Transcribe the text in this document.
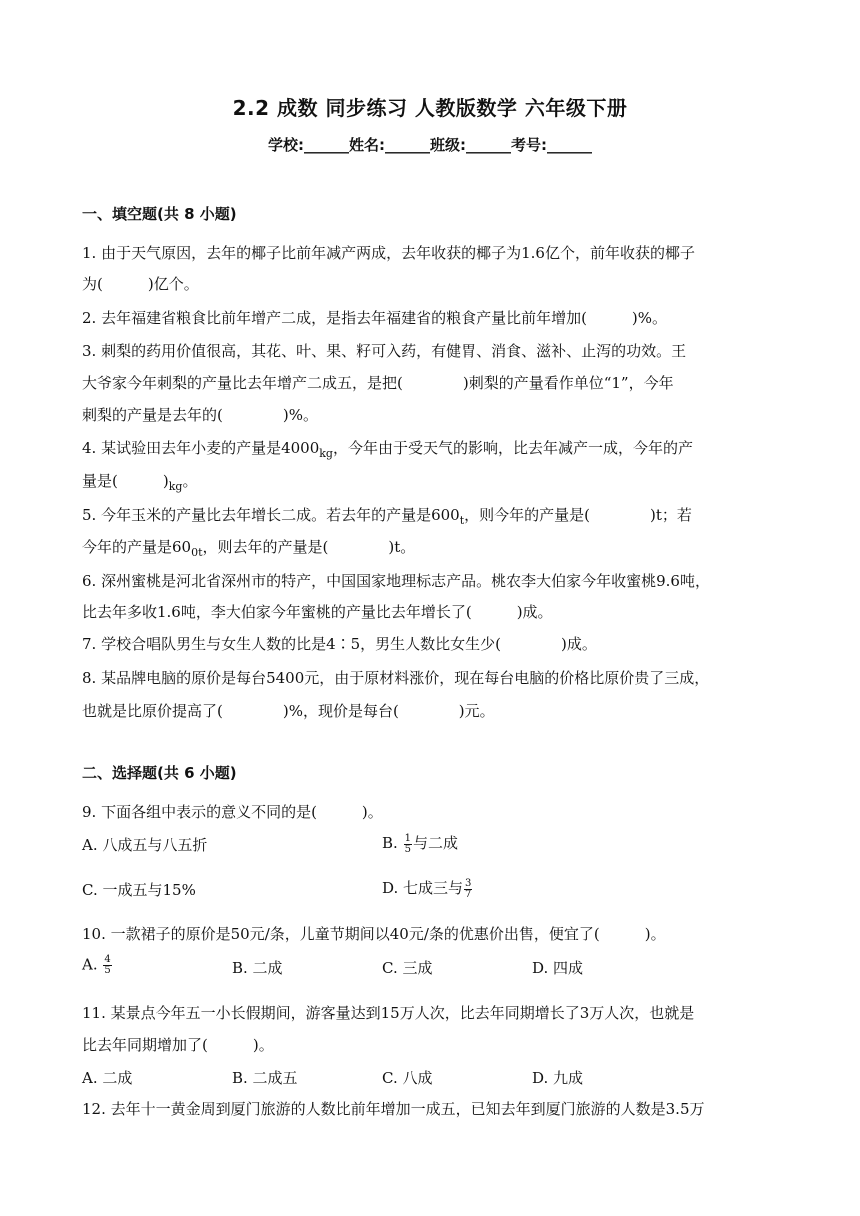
2.2 成数 同步练习 人教版数学 六年级下册
学校:______姓名:______班级:______考号:______
一、填空题(共 8 小题)
1. 由于天气原因，去年的椰子比前年减产两成，去年收获的椰子为1.6亿个，前年收获的椰子
为(　　　)亿个。
2. 去年福建省粮食比前年增产二成，是指去年福建省的粮食产量比前年增加(　　　)%。
3. 刺梨的药用价值很高，其花、叶、果、籽可入药，有健胃、消食、滋补、止泻的功效。王
大爷家今年刺梨的产量比去年增产二成五，是把(　　　　)刺梨的产量看作单位“1”，今年
刺梨的产量是去年的(　　　　)%。
4. 某试验田去年小麦的产量是$4000_{kg}$，今年由于受天气的影响，比去年减产一成，今年的产
量是(　　　)$_{kg}$。
5. 今年玉米的产量比去年增长二成。若去年的产量是$600_t$，则今年的产量是(　　　　)t；若
今年的产量是$60_{0t}$，则去年的产量是(　　　　)t。
6. 深州蜜桃是河北省深州市的特产，中国国家地理标志产品。桃农李大伯家今年收蜜桃9.6吨，
比去年多收1.6吨，李大伯家今年蜜桃的产量比去年增长了(　　　)成。
7. 学校合唱队男生与女生人数的比是4∶5，男生人数比女生少(　　　　)成。
8. 某品牌电脑的原价是每台5400元，由于原材料涨价，现在每台电脑的价格比原价贵了三成，
也就是比原价提高了(　　　　)%，现价是每台(　　　　)元。
二、选择题(共 6 小题)
9. 下面各组中表示的意义不同的是(　　　)。
A. 八成五与八五折	B. $\frac{1}{5}$ 与二成
C. 一成五与15%	D. 七成三与 $\frac{3}{7}$
10. 一款裙子的原价是50元/条，儿童节期间以40元/条的优惠价出售，便宜了(　　　)。
A. $\frac{4}{5}$	B. 二成	C. 三成	D. 四成
11. 某景点今年五一小长假期间，游客量达到15万人次，比去年同期增长了3万人次，也就是
比去年同期增加了(　　　)。
A. 二成	B. 二成五	C. 八成	D. 九成
12. 去年十一黄金周到厦门旅游的人数比前年增加一成五，已知去年到厦门旅游的人数是3.5万
